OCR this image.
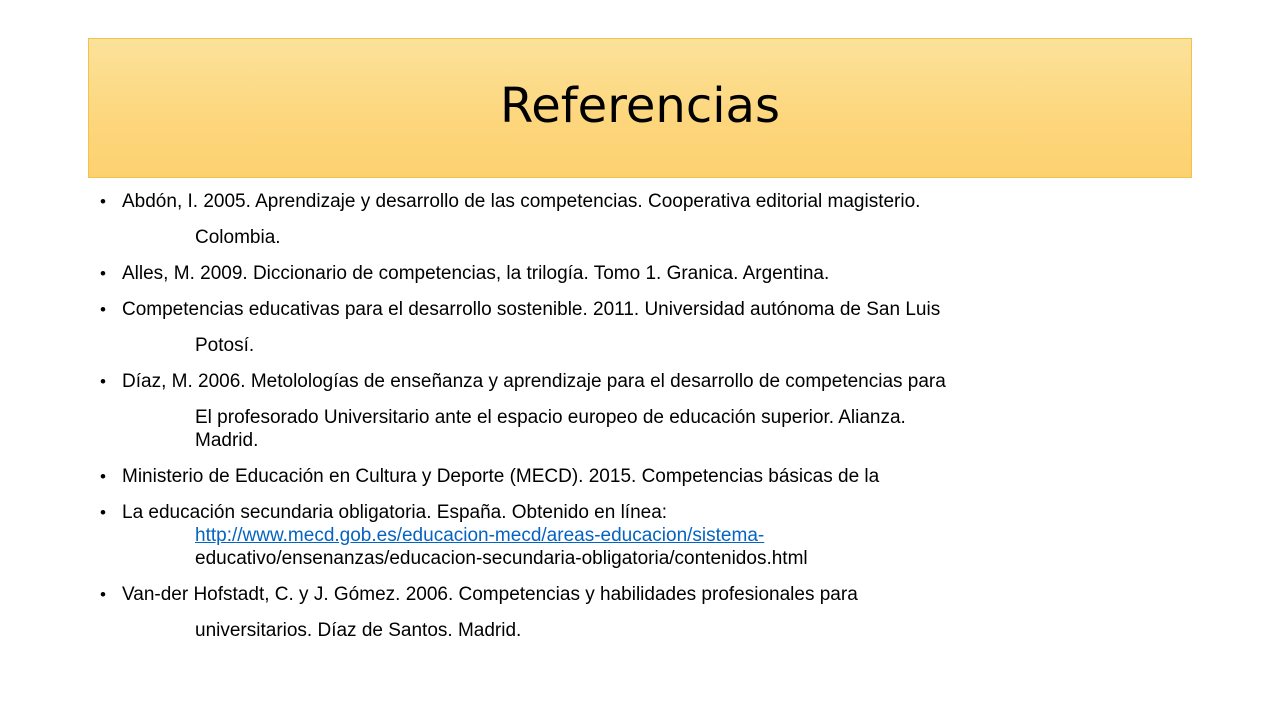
Referencias
• Abdón, I. 2005. Aprendizaje y desarrollo de las competencias. Cooperativa editorial magisterio.
Colombia.
• Alles, M. 2009. Diccionario de competencias, la trilogía. Tomo 1. Granica. Argentina.
• Competencias educativas para el desarrollo sostenible. 2011. Universidad autónoma de San Luis
Potosí.
• Díaz, M. 2006. Metolologías de enseñanza y aprendizaje para el desarrollo de competencias para
El profesorado Universitario ante el espacio europeo de educación superior. Alianza.
Madrid.
• Ministerio de Educación en Cultura y Deporte (MECD). 2015. Competencias básicas de la
• La educación secundaria obligatoria. España. Obtenido en línea:
http://www.mecd.gob.es/educacion-mecd/areas-educacion/sistema-
educativo/ensenanzas/educacion-secundaria-obligatoria/contenidos.html
• Van-der Hofstadt, C. y J. Gómez. 2006. Competencias y habilidades profesionales para
universitarios. Díaz de Santos. Madrid.
